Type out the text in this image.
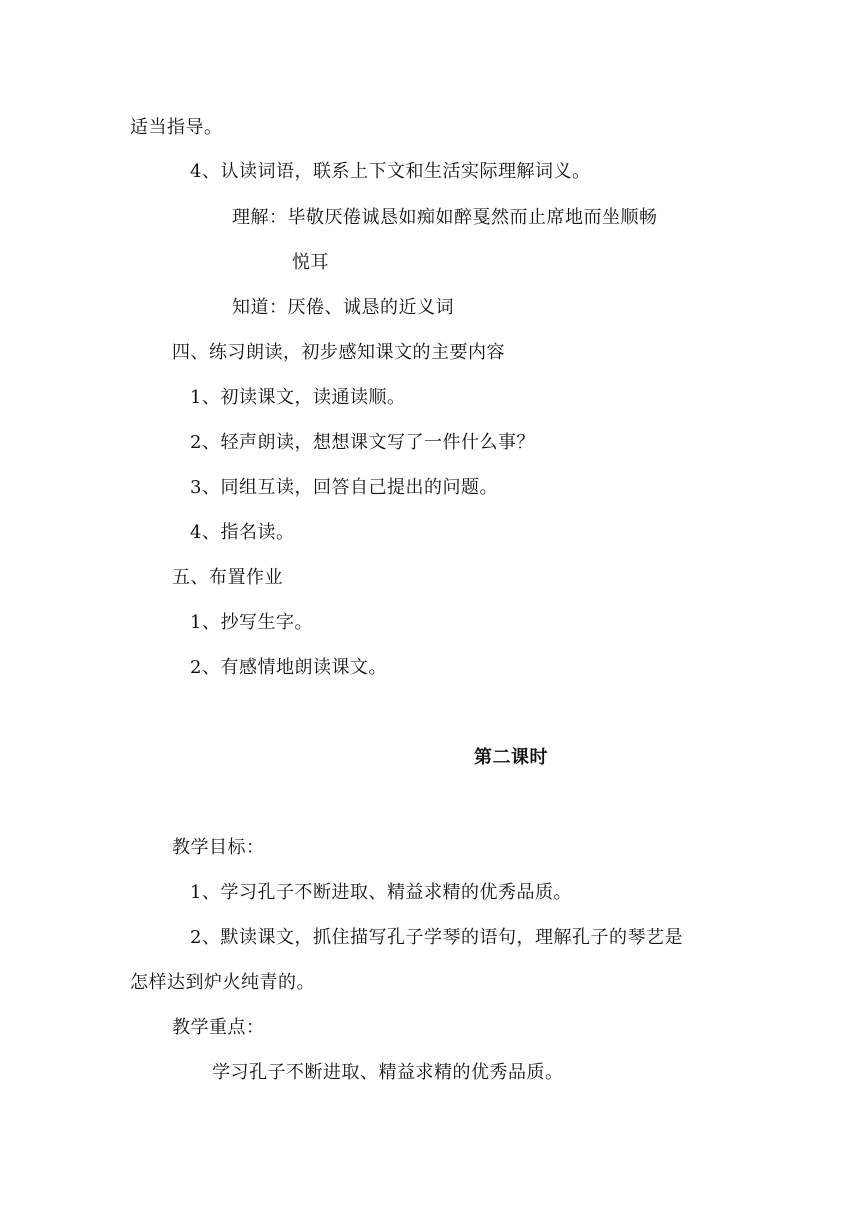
适当指导。
4、认读词语，联系上下文和生活实际理解词义。
理解：毕敬厌倦诚恳如痴如醉戛然而止席地而坐顺畅
悦耳
知道：厌倦、诚恳的近义词
四、练习朗读，初步感知课文的主要内容
1、初读课文，读通读顺。
2、轻声朗读，想想课文写了一件什么事？
3、同组互读，回答自己提出的问题。
4、指名读。
五、布置作业
1、抄写生字。
2、有感情地朗读课文。
第二课时
教学目标：
1、学习孔子不断进取、精益求精的优秀品质。
2、默读课文，抓住描写孔子学琴的语句，理解孔子的琴艺是
怎样达到炉火纯青的。
教学重点：
学习孔子不断进取、精益求精的优秀品质。
